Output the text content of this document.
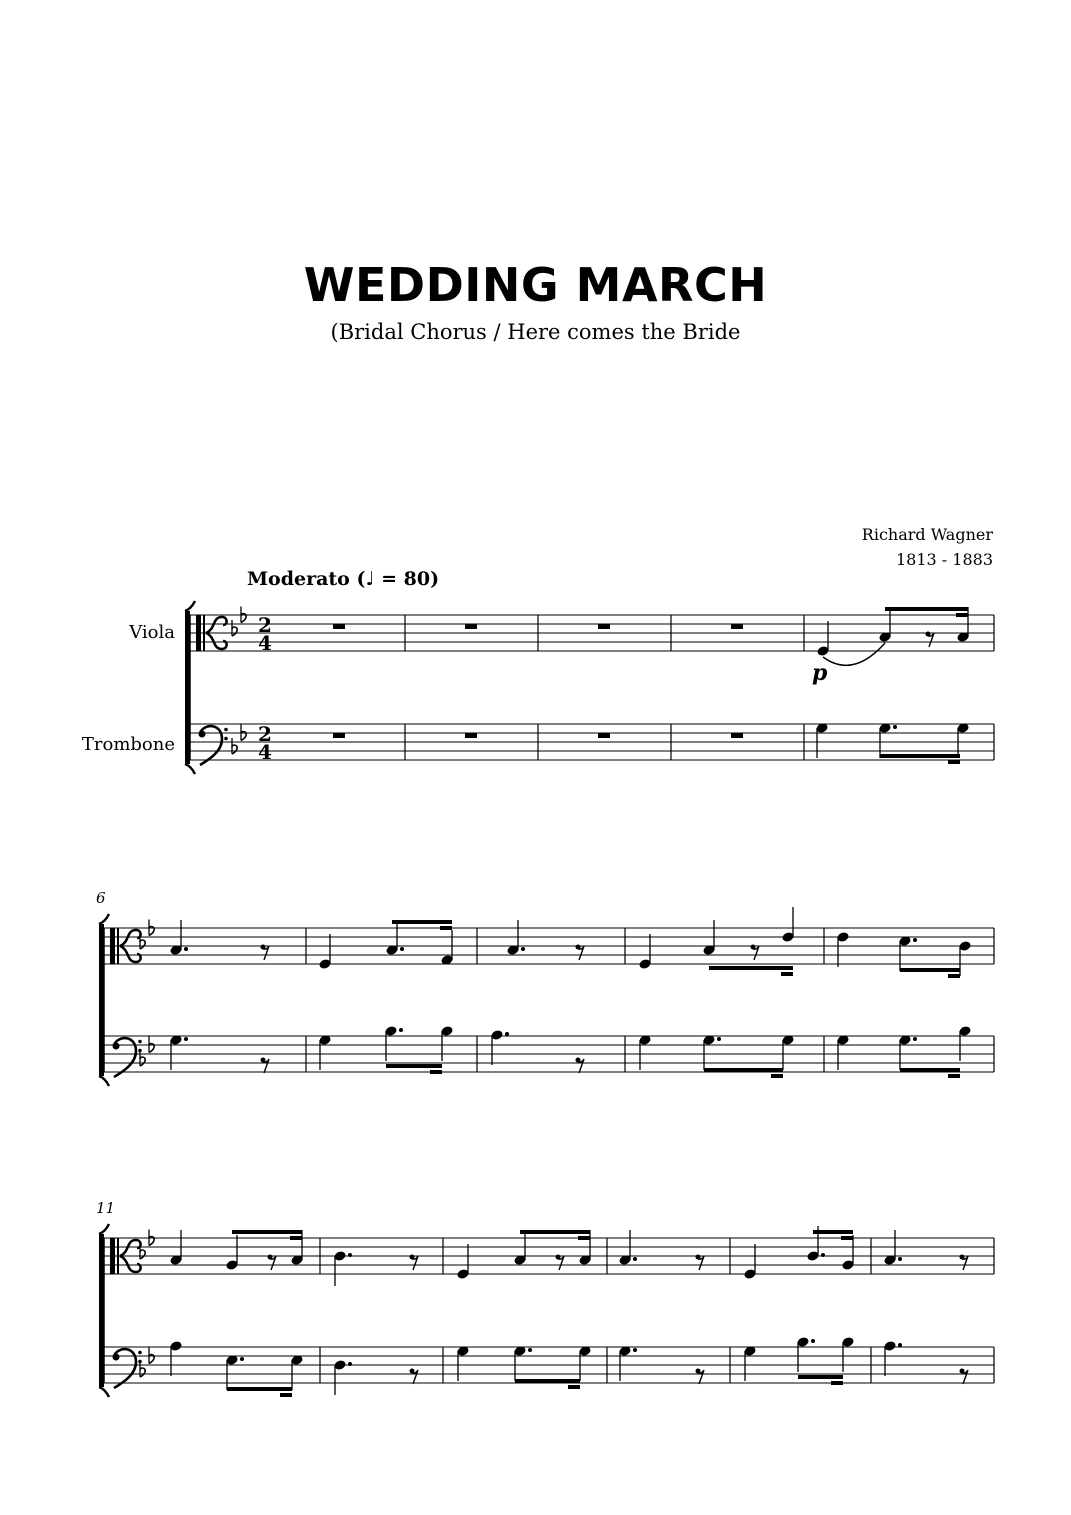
WEDDING MARCH
(Bridal Chorus / Here comes the Bride
Richard Wagner
1813 - 1883
Moderato (♩ = 80)
Viola
Trombone
2
4
2
4
p
6
11
